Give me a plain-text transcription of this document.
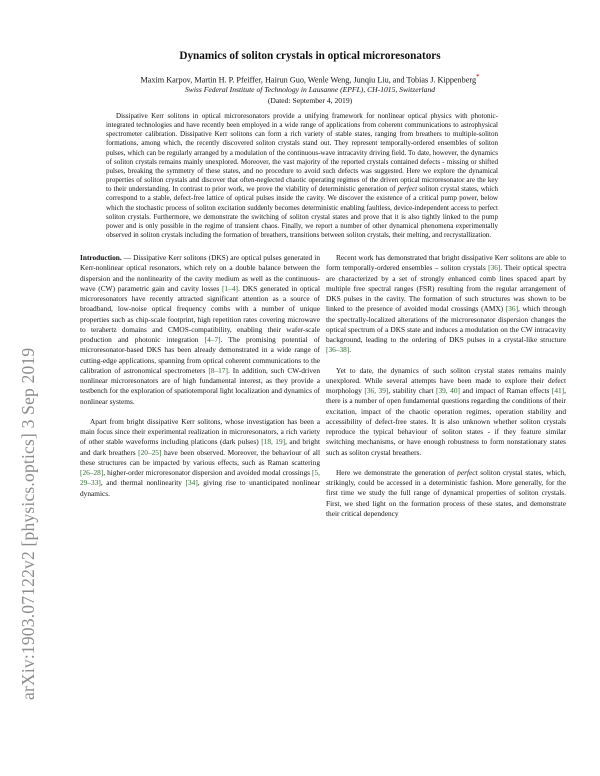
arXiv:1903.07122v2 [physics.optics] 3 Sep 2019
Dynamics of soliton crystals in optical microresonators
Maxim Karpov, Martin H. P. Pfeiffer, Hairun Guo, Wenle Weng, Junqiu Liu, and Tobias J. Kippenberg*
Swiss Federal Institute of Technology in Lausanne (EPFL), CH-1015, Switzerland
(Dated: September 4, 2019)
Dissipative Kerr solitons in optical microresonators provide a unifying framework for nonlinear optical physics with photonic-integrated technologies and have recently been employed in a wide range of applications from coherent communications to astrophysical spectrometer calibration. Dissipative Kerr solitons can form a rich variety of stable states, ranging from breathers to multiple-soliton formations, among which, the recently discovered soliton crystals stand out. They represent temporally-ordered ensembles of soliton pulses, which can be regularly arranged by a modulation of the continuous-wave intracavity driving field. To date, however, the dynamics of soliton crystals remains mainly unexplored. Moreover, the vast majority of the reported crystals contained defects - missing or shifted pulses, breaking the symmetry of these states, and no procedure to avoid such defects was suggested. Here we explore the dynamical properties of soliton crystals and discover that often-neglected chaotic operating regimes of the driven optical microresonator are the key to their understanding. In contrast to prior work, we prove the viability of deterministic generation of perfect soliton crystal states, which correspond to a stable, defect-free lattice of optical pulses inside the cavity. We discover the existence of a critical pump power, below which the stochastic process of soliton excitation suddenly becomes deterministic enabling faultless, device-independent access to perfect soliton crystals. Furthermore, we demonstrate the switching of soliton crystal states and prove that it is also tightly linked to the pump power and is only possible in the regime of transient chaos. Finally, we report a number of other dynamical phenomena experimentally observed in soliton crystals including the formation of breathers, transitions between soliton crystals, their melting, and recrystallization.

Introduction. — Dissipative Kerr solitons (DKS) are optical pulses generated in Kerr-nonlinear optical resonators, which rely on a double balance between the dispersion and the nonlinearity of the cavity medium as well as the continuous-wave (CW) parametric gain and cavity losses [1–4]. DKS generated in optical microresonators have recently attracted significant attention as a source of broadband, low-noise optical frequency combs with a number of unique properties such as chip-scale footprint, high repetition rates covering microwave to terahertz domains and CMOS-compatibility, enabling their wafer-scale production and photonic integration [4–7]. The promising potential of microresonator-based DKS has been already demonstrated in a wide range of cutting-edge applications, spanning from optical coherent communications to the calibration of astronomical spectrometers [8–17]. In addition, such CW-driven nonlinear microresonators are of high fundamental interest, as they provide a testbench for the exploration of spatiotemporal light localization and dynamics of nonlinear systems.

Apart from bright dissipative Kerr solitons, whose investigation has been a main focus since their experimental realization in microresonators, a rich variety of other stable waveforms including platicons (dark pulses) [18, 19], and bright and dark breathers [20–25] have been observed. Moreover, the behaviour of all these structures can be impacted by various effects, such as Raman scattering [26–28], higher-order microresonator dispersion and avoided modal crossings [5, 29–33], and thermal nonlinearity [34], giving rise to unanticipated nonlinear dynamics.

Recent work has demonstrated that bright dissipative Kerr solitons are able to form temporally-ordered ensembles – soliton crystals [36]. Their optical spectra are characterized by a set of strongly enhanced comb lines spaced apart by multiple free spectral ranges (FSR) resulting from the regular arrangement of DKS pulses in the cavity. The formation of such structures was shown to be linked to the presence of avoided modal crossings (AMX) [36], which through the spectrally-localized alterations of the microresonator dispersion changes the optical spectrum of a DKS state and induces a modulation on the CW intracavity background, leading to the ordering of DKS pulses in a crystal-like structure [36–38].

Yet to date, the dynamics of such soliton crystal states remains mainly unexplored. While several attempts have been made to explore their defect morphology [36, 39], stability chart [39, 40] and impact of Raman effects [41], there is a number of open fundamental questions regarding the conditions of their excitation, impact of the chaotic operation regimes, operation stability and accessibility of defect-free states. It is also unknown whether soliton crystals reproduce the typical behaviour of soliton states - if they feature similar switching mechanisms, or have enough robustness to form nonstationary states such as soliton crystal breathers.

Here we demonstrate the generation of perfect soliton crystal states, which, strikingly, could be accessed in a deterministic fashion. More generally, for the first time we study the full range of dynamical properties of soliton crystals. First, we shed light on the formation process of these states, and demonstrate their critical dependency
